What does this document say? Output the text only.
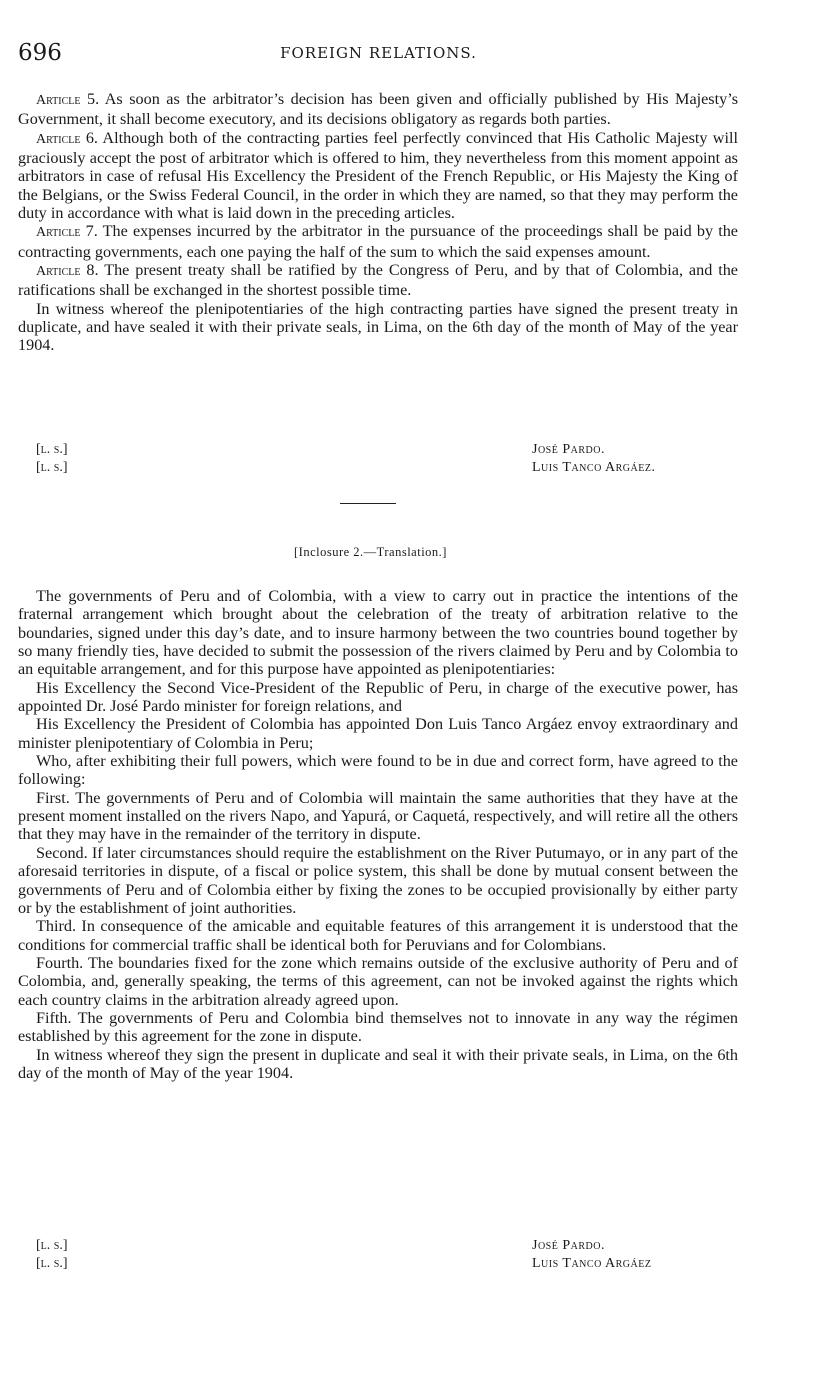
696	FOREIGN RELATIONS.

Article 5. As soon as the arbitrator’s decision has been given and officially published by His Majesty’s Government, it shall become executory, and its decisions obligatory as regards both parties.

Article 6. Although both of the contracting parties feel perfectly convinced that His Catholic Majesty will graciously accept the post of arbitrator which is offered to him, they nevertheless from this moment appoint as arbitrators in case of refusal His Excellency the President of the French Republic, or His Majesty the King of the Belgians, or the Swiss Federal Council, in the order in which they are named, so that they may perform the duty in accordance with what is laid down in the preceding articles.

Article 7. The expenses incurred by the arbitrator in the pursuance of the proceedings shall be paid by the contracting governments, each one paying the half of the sum to which the said expenses amount.

Article 8. The present treaty shall be ratified by the Congress of Peru, and by that of Colombia, and the ratifications shall be exchanged in the shortest possible time.

In witness whereof the plenipotentiaries of the high contracting parties have signed the present treaty in duplicate, and have sealed it with their private seals, in Lima, on the 6th day of the month of May of the year 1904.

[l. s.]	José Pardo.
[l. s.]	Luis Tanco Argáez.
[Inclosure 2.—Translation.]

The governments of Peru and of Colombia, with a view to carry out in practice the intentions of the fraternal arrangement which brought about the celebration of the treaty of arbitration relative to the boundaries, signed under this day’s date, and to insure harmony between the two countries bound together by so many friendly ties, have decided to submit the possession of the rivers claimed by Peru and by Colombia to an equitable arrangement, and for this purpose have appointed as plenipotentiaries:

His Excellency the Second Vice-President of the Republic of Peru, in charge of the executive power, has appointed Dr. José Pardo minister for foreign relations, and

His Excellency the President of Colombia has appointed Don Luis Tanco Argáez envoy extraordinary and minister plenipotentiary of Colombia in Peru;

Who, after exhibiting their full powers, which were found to be in due and correct form, have agreed to the following:

First. The governments of Peru and of Colombia will maintain the same authorities that they have at the present moment installed on the rivers Napo, and Yapurá, or Caquetá, respectively, and will retire all the others that they may have in the remainder of the territory in dispute.

Second. If later circumstances should require the establishment on the River Putumayo, or in any part of the aforesaid territories in dispute, of a fiscal or police system, this shall be done by mutual consent between the governments of Peru and of Colombia either by fixing the zones to be occupied provisionally by either party or by the establishment of joint authorities.

Third. In consequence of the amicable and equitable features of this arrangement it is understood that the conditions for commercial traffic shall be identical both for Peruvians and for Colombians.

Fourth. The boundaries fixed for the zone which remains outside of the exclusive authority of Peru and of Colombia, and, generally speaking, the terms of this agreement, can not be invoked against the rights which each country claims in the arbitration already agreed upon.

Fifth. The governments of Peru and Colombia bind themselves not to innovate in any way the régimen established by this agreement for the zone in dispute.

In witness whereof they sign the present in duplicate and seal it with their private seals, in Lima, on the 6th day of the month of May of the year 1904.

[l. s.]	José Pardo.
[l. s.]	Luis Tanco Argáez
